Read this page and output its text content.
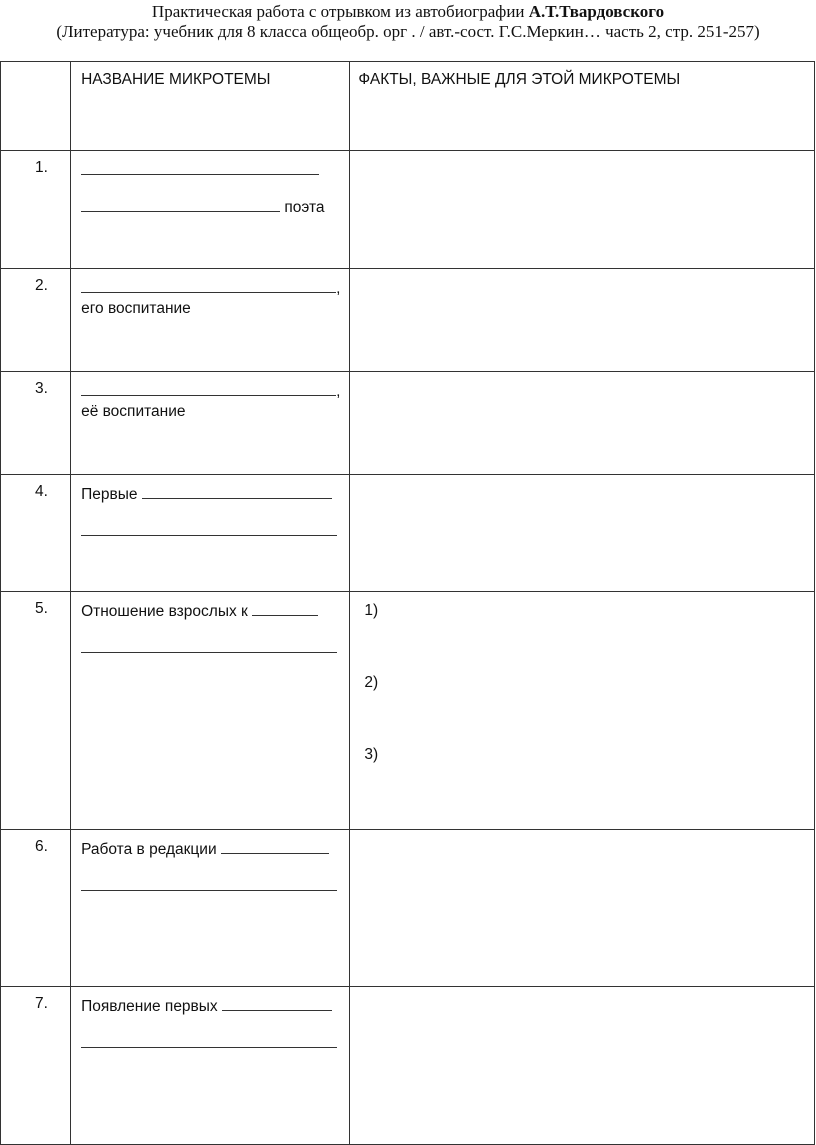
Практическая работа с отрывком из автобиографии А.Т.Твардовского
(Литература: учебник для 8 класса общеобр. орг . / авт.-сост. Г.С.Меркин… часть 2, стр. 251-257)
	НАЗВАНИЕ МИКРОТЕМЫ	ФАКТЫ, ВАЖНЫЕ ДЛЯ ЭТОЙ МИКРОТЕМЫ
1.	поэта	

2.	,
его воспитание	

3.	,
её воспитание	

4.	Первые	

5.	Отношение взрослых к	1)
2)
3)

6.	Работа в редакции	

7.	Появление первых	
